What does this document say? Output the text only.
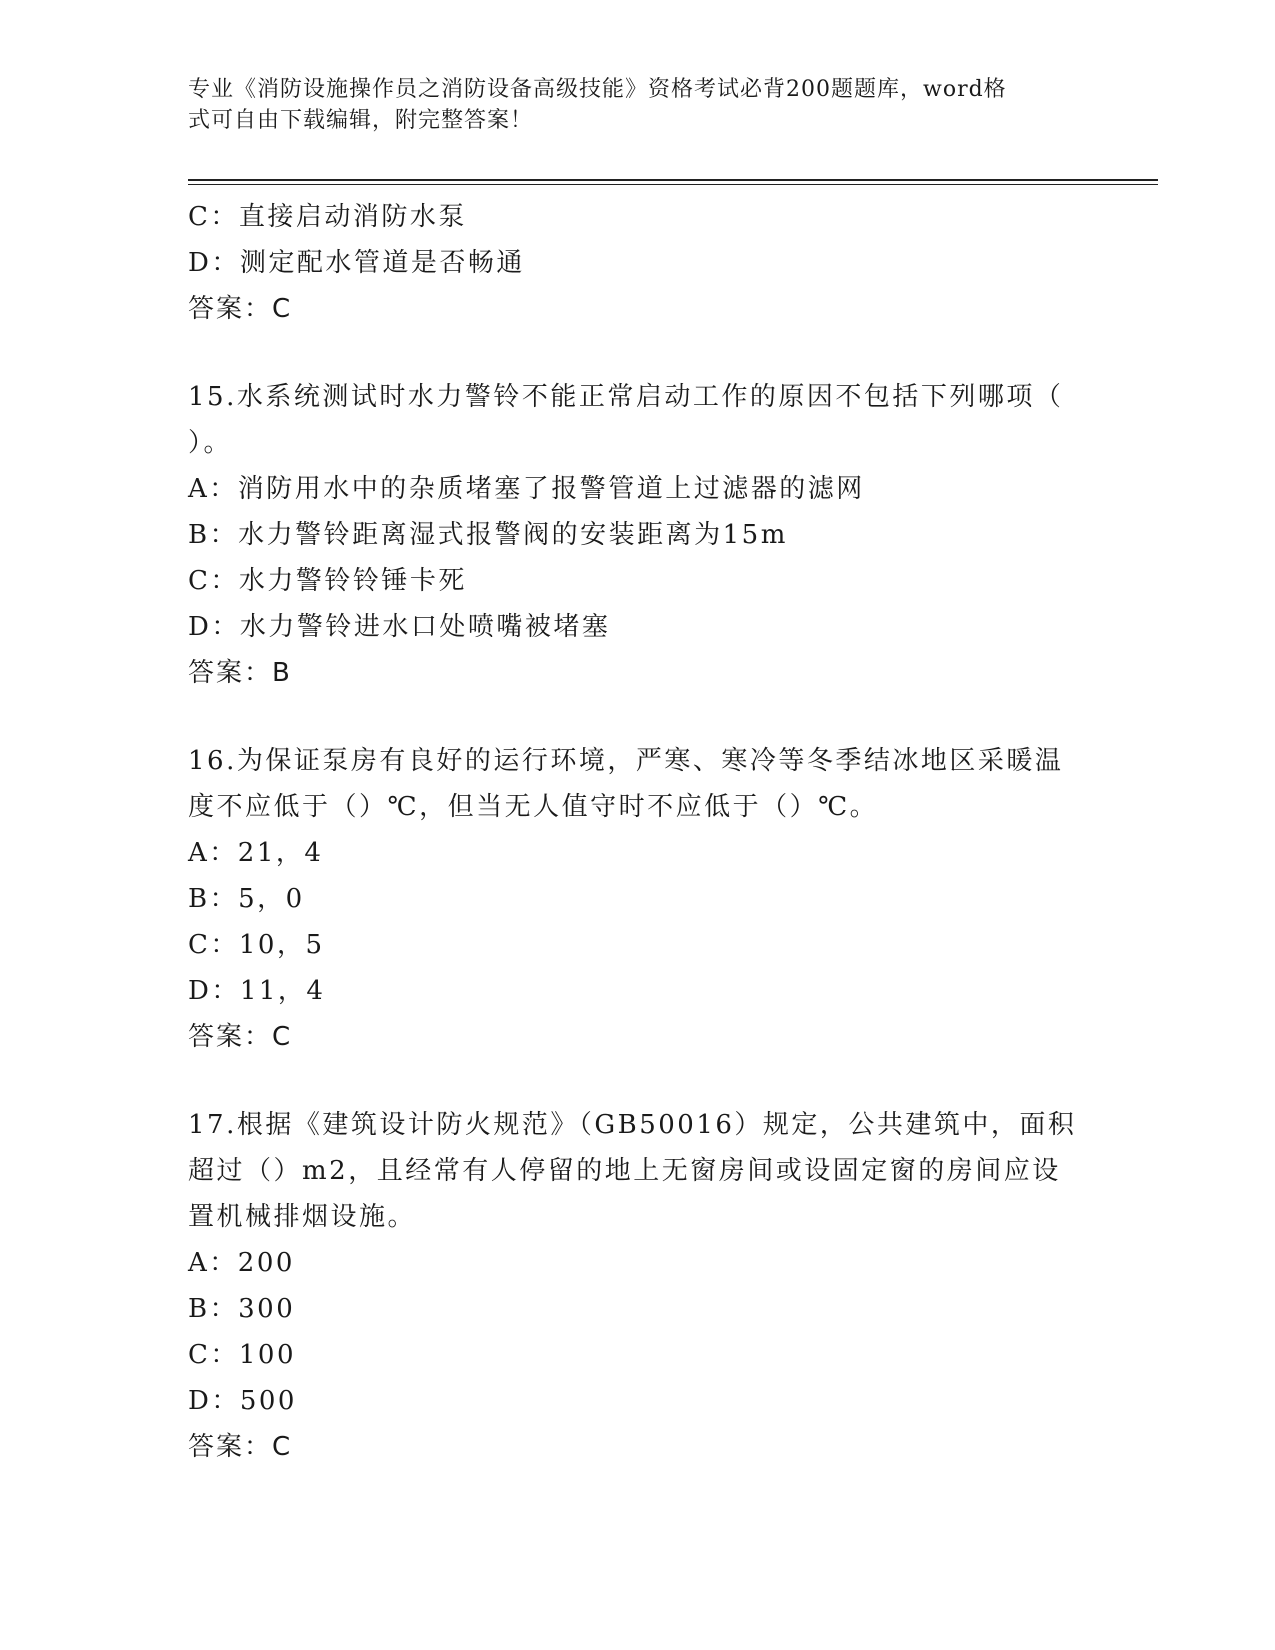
专业《消防设施操作员之消防设备高级技能》资格考试必背200题题库，word格
式可自由下载编辑，附完整答案！
C：直接启动消防水泵
D：测定配水管道是否畅通
答案：C
15.水系统测试时水力警铃不能正常启动工作的原因不包括下列哪项（
）。
A：消防用水中的杂质堵塞了报警管道上过滤器的滤网
B：水力警铃距离湿式报警阀的安装距离为15m
C：水力警铃铃锤卡死
D：水力警铃进水口处喷嘴被堵塞
答案：B
16.为保证泵房有良好的运行环境，严寒、寒冷等冬季结冰地区采暖温
度不应低于（）℃，但当无人值守时不应低于（）℃。
A：21，4
B：5，0
C：10，5
D：11，4
答案：C
17.根据《建筑设计防火规范》（GB50016）规定，公共建筑中，面积
超过（）m2，且经常有人停留的地上无窗房间或设固定窗的房间应设
置机械排烟设施。
A：200
B：300
C：100
D：500
答案：C
